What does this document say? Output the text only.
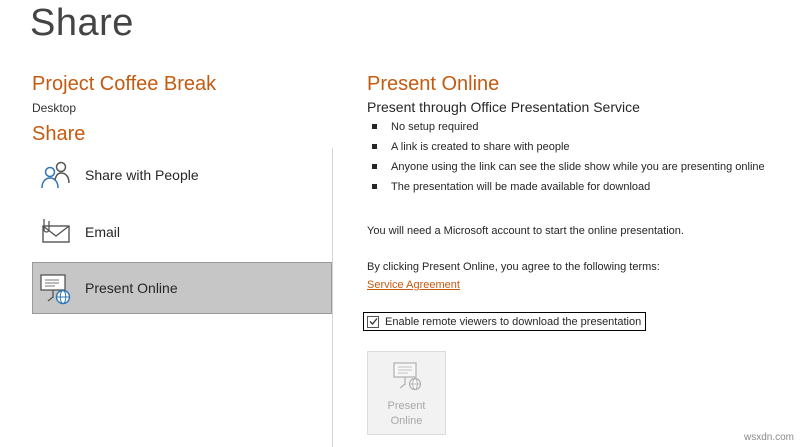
Share
Project Coffee Break
Desktop
Share
Share with People
Email
Present Online
Present Online
Present through Office Presentation Service
No setup required
A link is created to share with people
Anyone using the link can see the slide show while you are presenting online
The presentation will be made available for download
You will need a Microsoft account to start the online presentation.
By clicking Present Online, you agree to the following terms:
Service Agreement
Enable remote viewers to download the presentation
Present
Online
wsxdn.com
